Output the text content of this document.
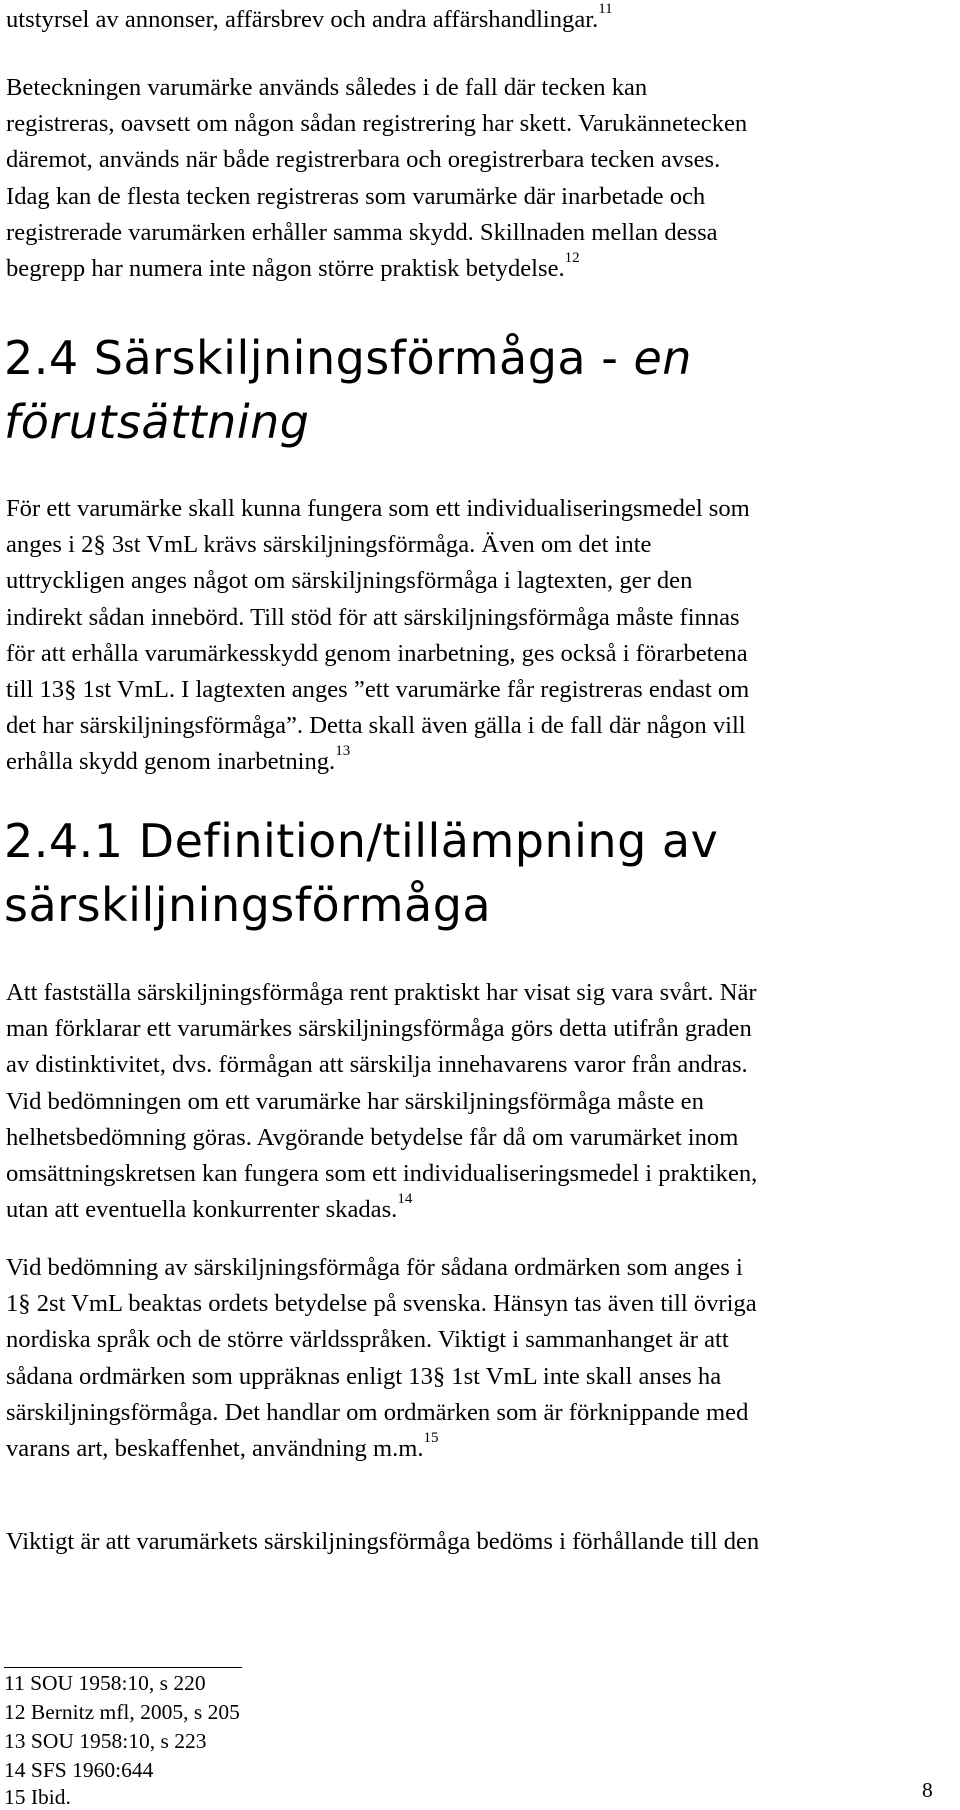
utstyrsel av annonser, affärsbrev och andra affärshandlingar.$^{11}$

Beteckningen varumärke används således i de fall där tecken kan
registreras, oavsett om någon sådan registrering har skett. Varukännetecken
däremot, används när både registrerbara och oregistrerbara tecken avses.
Idag kan de flesta tecken registreras som varumärke där inarbetade och
registrerade varumärken erhåller samma skydd. Skillnaden mellan dessa
begrepp har numera inte någon större praktisk betydelse.$^{12}$

2.4 Särskiljningsförmåga - en
förutsättning

För ett varumärke skall kunna fungera som ett individualiseringsmedel som
anges i 2§ 3st VmL krävs särskiljningsförmåga. Även om det inte
uttryckligen anges något om särskiljningsförmåga i lagtexten, ger den
indirekt sådan innebörd. Till stöd för att särskiljningsförmåga måste finnas
för att erhålla varumärkesskydd genom inarbetning, ges också i förarbetena
till 13§ 1st VmL. I lagtexten anges ”ett varumärke får registreras endast om
det har särskiljningsförmåga”. Detta skall även gälla i de fall där någon vill
erhålla skydd genom inarbetning.$^{13}$

2.4.1 Definition/tillämpning av
särskiljningsförmåga

Att fastställa särskiljningsförmåga rent praktiskt har visat sig vara svårt. När
man förklarar ett varumärkes särskiljningsförmåga görs detta utifrån graden
av distinktivitet, dvs. förmågan att särskilja innehavarens varor från andras.
Vid bedömningen om ett varumärke har särskiljningsförmåga måste en
helhetsbedömning göras. Avgörande betydelse får då om varumärket inom
omsättningskretsen kan fungera som ett individualiseringsmedel i praktiken,
utan att eventuella konkurrenter skadas.$^{14}$

Vid bedömning av särskiljningsförmåga för sådana ordmärken som anges i
1§ 2st VmL beaktas ordets betydelse på svenska. Hänsyn tas även till övriga
nordiska språk och de större världsspråken. Viktigt i sammanhanget är att
sådana ordmärken som uppräknas enligt 13§ 1st VmL inte skall anses ha
särskiljningsförmåga. Det handlar om ordmärken som är förknippande med
varans art, beskaffenhet, användning m.m.$^{15}$

Viktigt är att varumärkets särskiljningsförmåga bedöms i förhållande till den

11 SOU 1958:10, s 220
12 Bernitz mfl, 2005, s 205
13 SOU 1958:10, s 223
14 SFS 1960:644
15 Ibid.	8
